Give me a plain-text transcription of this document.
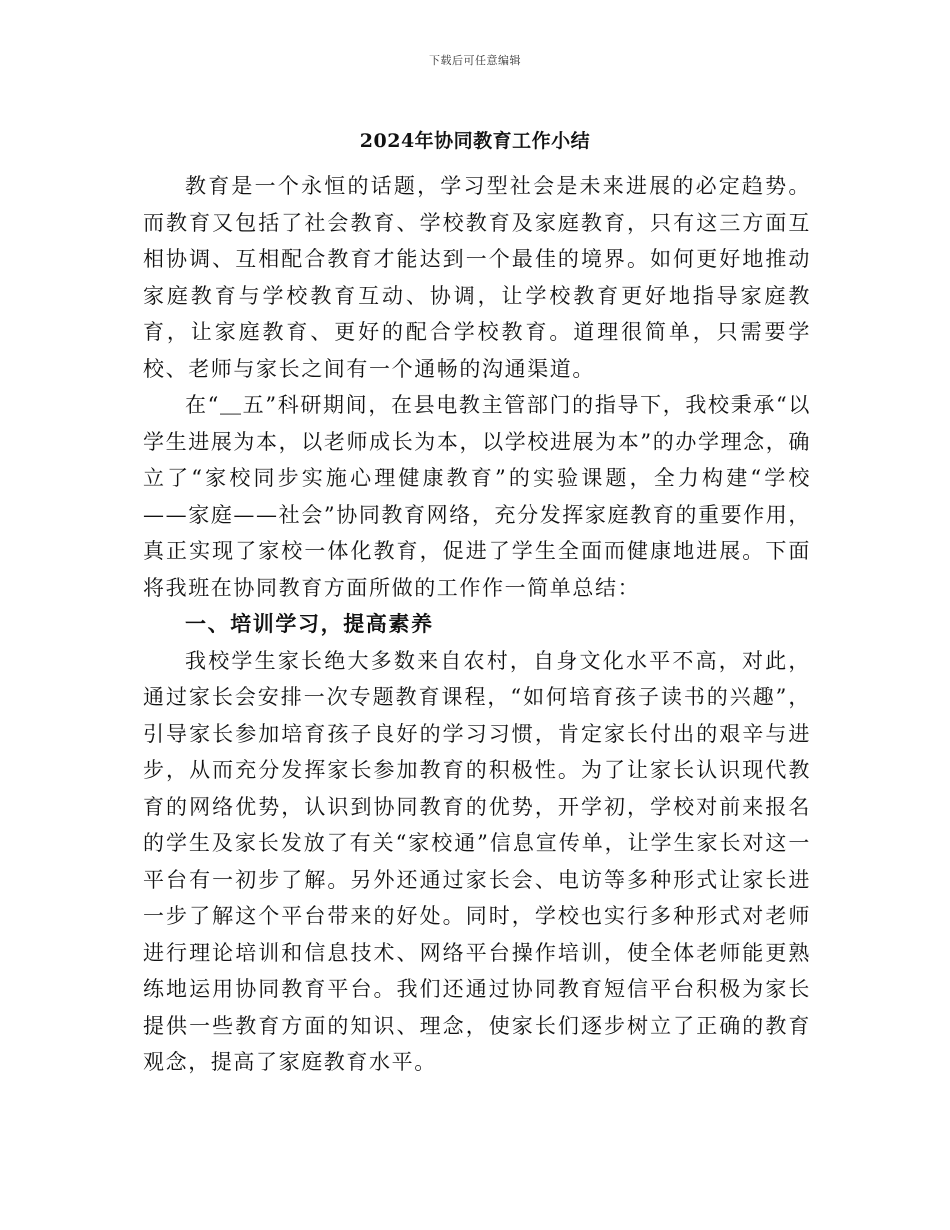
下载后可任意编辑
2024年协同教育工作小结

教育是一个永恒的话题，学习型社会是未来进展的必定趋势。而教育又包括了社会教育、学校教育及家庭教育，只有这三方面互相协调、互相配合教育才能达到一个最佳的境界。如何更好地推动家庭教育与学校教育互动、协调，让学校教育更好地指导家庭教育，让家庭教育、更好的配合学校教育。道理很简单，只需要学校、老师与家长之间有一个通畅的沟通渠道。

在“＿五”科研期间，在县电教主管部门的指导下，我校秉承“以学生进展为本，以老师成长为本，以学校进展为本”的办学理念，确立了“家校同步实施心理健康教育”的实验课题，全力构建“学校——家庭——社会”协同教育网络，充分发挥家庭教育的重要作用，真正实现了家校一体化教育，促进了学生全面而健康地进展。下面将我班在协同教育方面所做的工作作一简单总结：

一、培训学习，提高素养

我校学生家长绝大多数来自农村，自身文化水平不高，对此，通过家长会安排一次专题教育课程，“如何培育孩子读书的兴趣”，引导家长参加培育孩子良好的学习习惯，肯定家长付出的艰辛与进步，从而充分发挥家长参加教育的积极性。为了让家长认识现代教育的网络优势，认识到协同教育的优势，开学初，学校对前来报名的学生及家长发放了有关“家校通”信息宣传单，让学生家长对这一平台有一初步了解。另外还通过家长会、电访等多种形式让家长进一步了解这个平台带来的好处。同时，学校也实行多种形式对老师进行理论培训和信息技术、网络平台操作培训，使全体老师能更熟练地运用协同教育平台。我们还通过协同教育短信平台积极为家长提供一些教育方面的知识、理念，使家长们逐步树立了正确的教育观念，提高了家庭教育水平。
